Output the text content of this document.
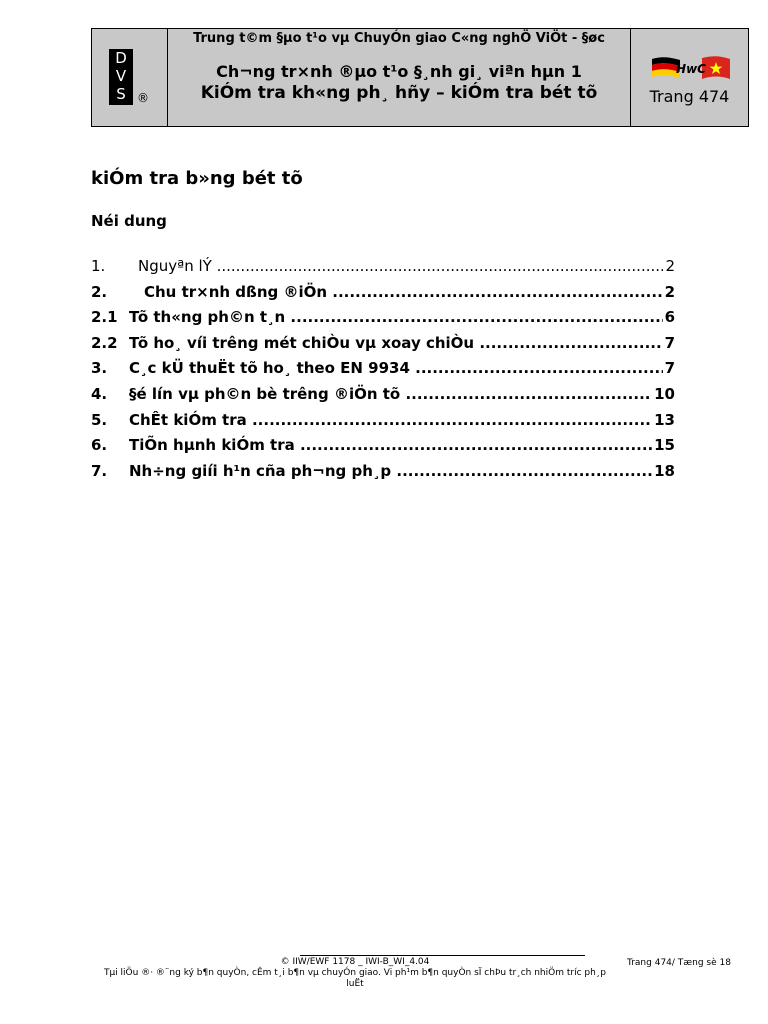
D
V
S ®
Trung t©m §µo t¹o vµ ChuyÓn giao C«ng nghÖ ViÖt - §øc
Ch¬ng tr×nh ®µo t¹o §¸nh gi¸ viªn hµn 1
KiÓm tra kh«ng ph¸ hñy – kiÓm tra bét tõ
HwC
Trang 474
kiÓm tra b»ng bét tõ
Néi dung
1. Nguyªn lÝ .....	2
2. Chu tr×nh dßng ®iÖn .....	2
2.1 Tõ th«ng ph©n t¸n .....	6
2.2 Tõ ho¸ víi trêng mét chiÒu vµ xoay chiÒu .....	7
3. C¸c kÜ thuËt tõ ho¸ theo EN 9934 .....	7
4. §é lín vµ ph©n bè trêng ®iÖn tõ .....	10
5. ChÊt kiÓm tra .....	13
6. TiÕn hµnh kiÓm tra .....	15
7. Nh÷ng giíi h¹n cña ph¬ng ph¸p .....	18
© IIW/EWF 1178 _ IWI-B_WI_4.04
Tµi liÖu ®· ®¨ng ký b¶n quyÒn, cÊm t¸i b¶n vµ chuyÓn giao. Vi ph¹m b¶n quyÒn sÏ chÞu tr¸ch nhiÖm tríc ph¸p luËt
Trang 474/ Tæng sè 18
